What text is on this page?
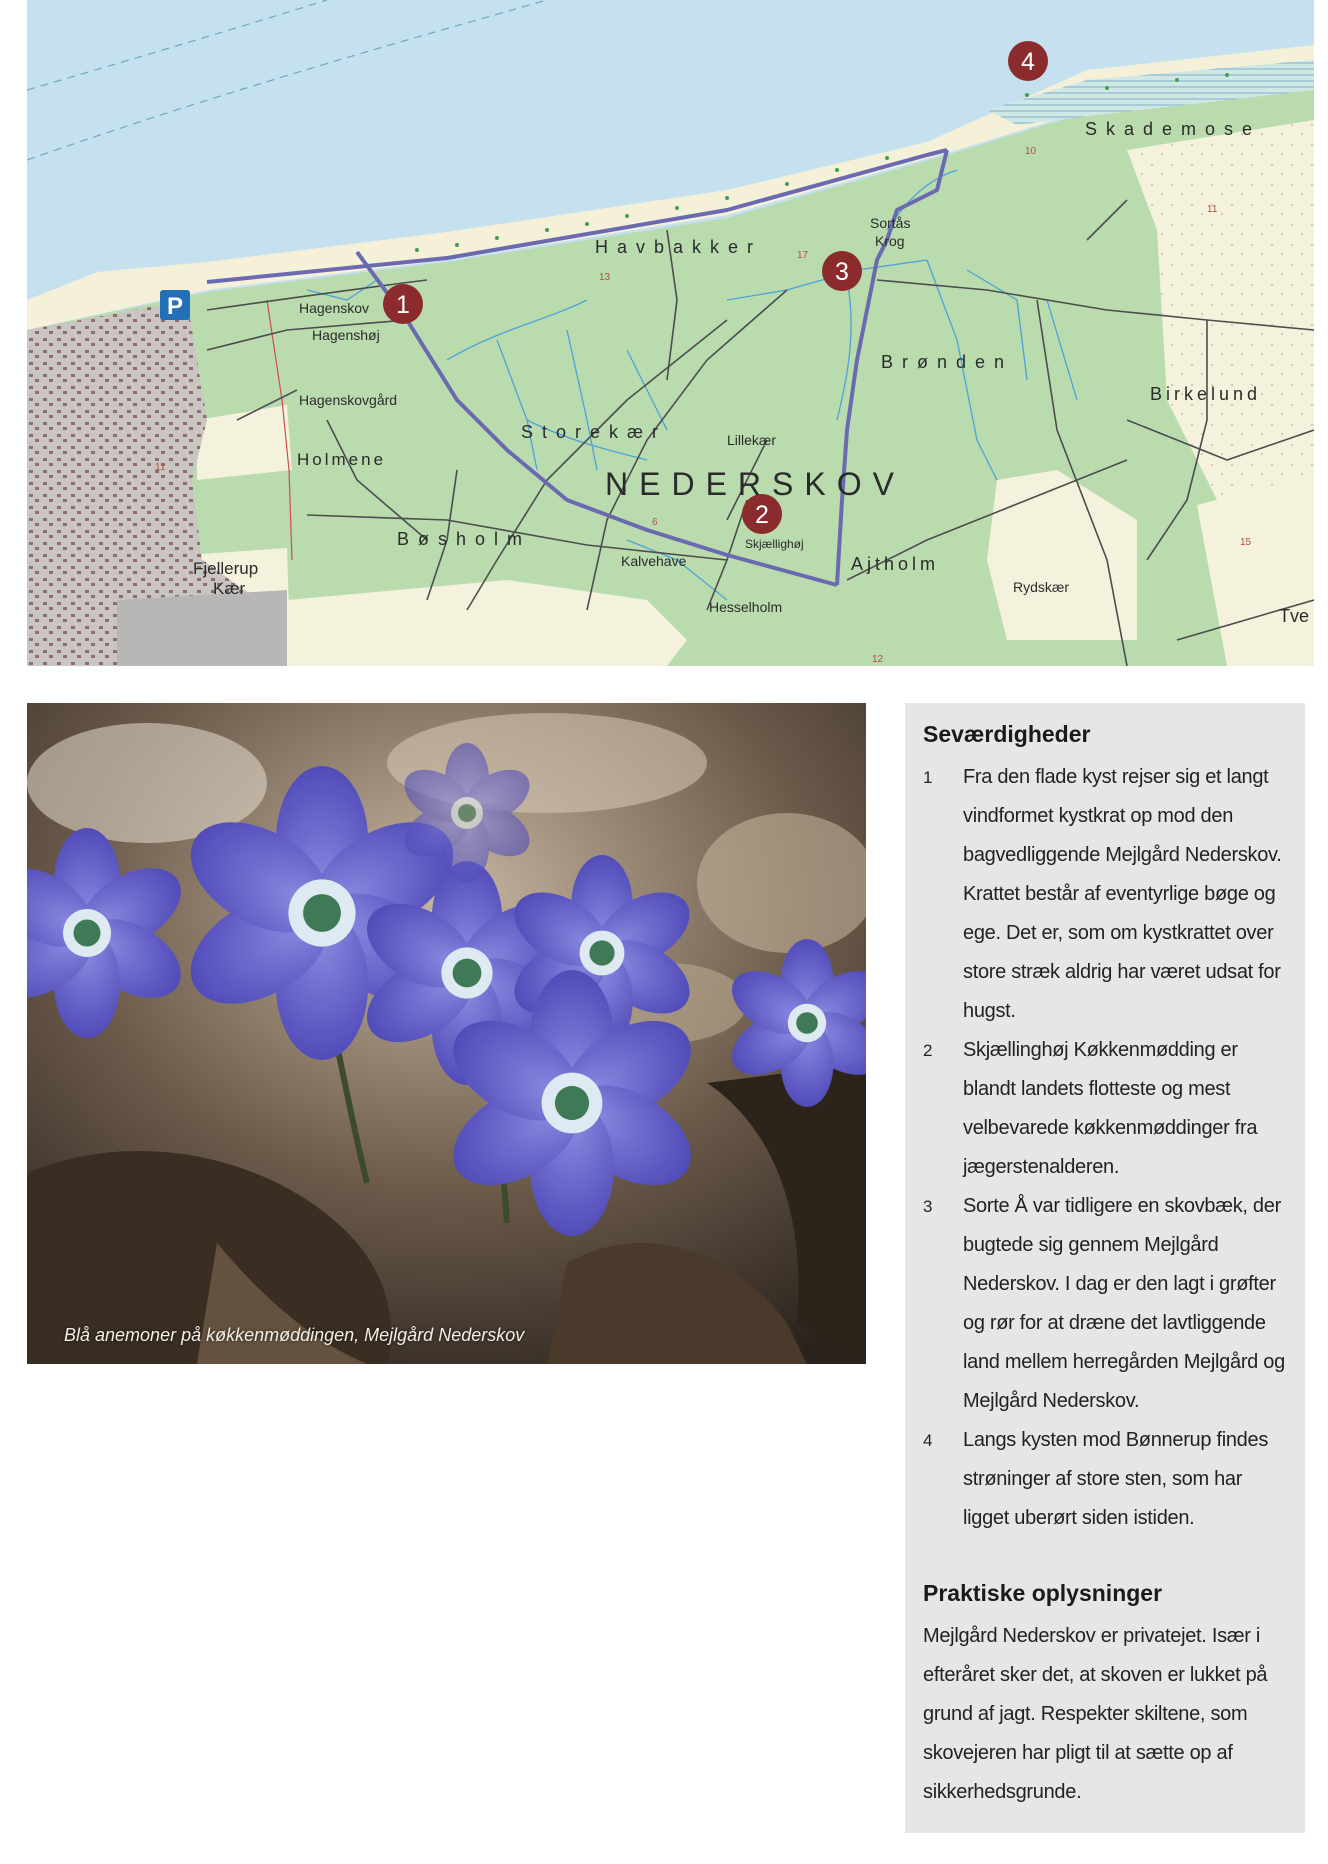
P	1
2
3
4
Skademose
Havbakker
Sortås
Krog
Hagenskov
Hagenshøj
Hagenskovgård
Holmene
Storekær	Lillekær
NEDERSKOV
Brønden
Birkelund
Bøsholm
Fjellerup
Kær
Kalvehave
Skjællighøj
Ajtholm
Hesselholm
Rydskær
Tve
10
11
13
17
6
12
15
11
Blå anemoner på køkkenmøddingen, Mejlgård Nederskov
Seværdigheder
1	Fra den flade kyst rejser sig et langt vindformet kystkrat op mod den bagvedliggende Mejlgård Nederskov. Krattet består af eventyrlige bøge og ege. Det er, som om kystkrattet over store stræk aldrig har været udsat for hugst.
2	Skjællinghøj Køkkenmødding er blandt landets flotteste og mest velbevarede køkkenmøddinger fra jægerstenalderen.
3	Sorte Å var tidligere en skovbæk, der bugtede sig gennem Mejlgård Nederskov. I dag er den lagt i grøfter og rør for at dræne det lavtliggende land mellem herregården Mejlgård og Mejlgård Nederskov.
4	Langs kysten mod Bønnerup findes strøninger af store sten, som har ligget uberørt siden istiden.
Praktiske oplysninger
Mejlgård Nederskov er privatejet. Især i efteråret sker det, at skoven er lukket på grund af jagt. Respekter skiltene, som skovejeren har pligt til at sætte op af sikkerhedsgrunde.
